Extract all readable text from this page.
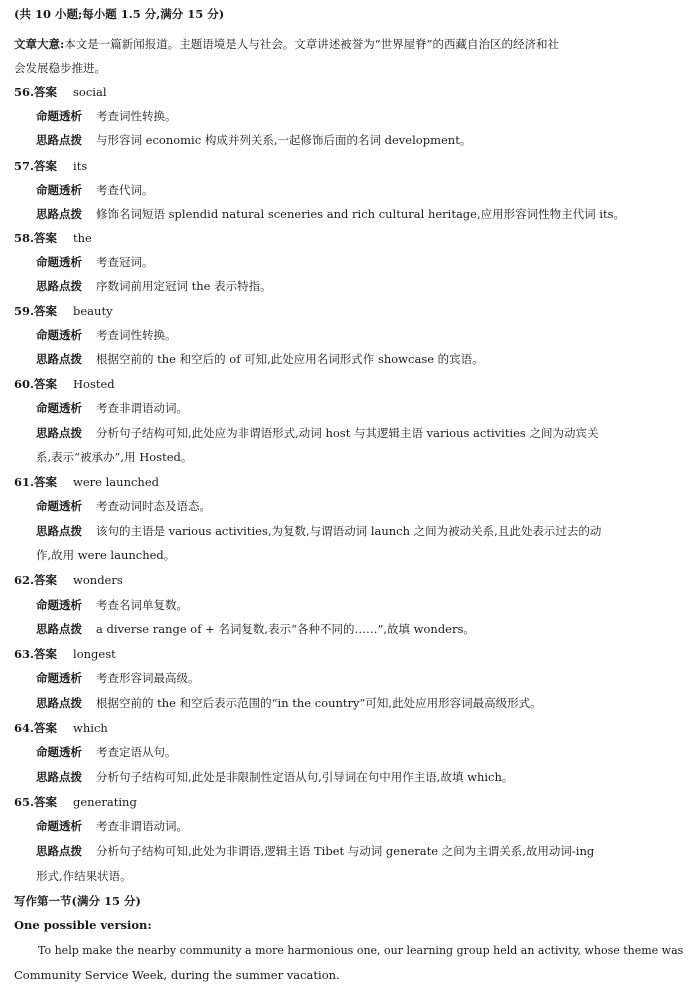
(共 10 小题;每小题 1.5 分,满分 15 分)
文章大意:本文是一篇新闻报道。主题语境是人与社会。文章讲述被誉为“世界屋脊”的西藏自治区的经济和社
会发展稳步推进。
56.答案 social
命题透析 考查词性转换。
思路点拨 与形容词 economic 构成并列关系,一起修饰后面的名词 development。
57.答案 its
命题透析 考查代词。
思路点拨 修饰名词短语 splendid natural sceneries and rich cultural heritage,应用形容词性物主代词 its。
58.答案 the
命题透析 考查冠词。
思路点拨 序数词前用定冠词 the 表示特指。
59.答案 beauty
命题透析 考查词性转换。
思路点拨 根据空前的 the 和空后的 of 可知,此处应用名词形式作 showcase 的宾语。
60.答案 Hosted
命题透析 考查非谓语动词。
思路点拨 分析句子结构可知,此处应为非谓语形式,动词 host 与其逻辑主语 various activities 之间为动宾关
系,表示“被承办”,用 Hosted。
61.答案 were launched
命题透析 考查动词时态及语态。
思路点拨 该句的主语是 various activities,为复数,与谓语动词 launch 之间为被动关系,且此处表示过去的动
作,故用 were launched。
62.答案 wonders
命题透析 考查名词单复数。
思路点拨 a diverse range of + 名词复数,表示“各种不同的……”,故填 wonders。
63.答案 longest
命题透析 考查形容词最高级。
思路点拨 根据空前的 the 和空后表示范围的“in the country”可知,此处应用形容词最高级形式。
64.答案 which
命题透析 考查定语从句。
思路点拨 分析句子结构可知,此处是非限制性定语从句,引导词在句中用作主语,故填 which。
65.答案 generating
命题透析 考查非谓语动词。
思路点拨 分析句子结构可知,此处为非谓语,逻辑主语 Tibet 与动词 generate 之间为主谓关系,故用动词-ing
形式,作结果状语。
写作第一节(满分 15 分)
One possible version:
To help make the nearby community a more harmonious one, our learning group held an activity, whose theme was
Community Service Week, during the summer vacation.
